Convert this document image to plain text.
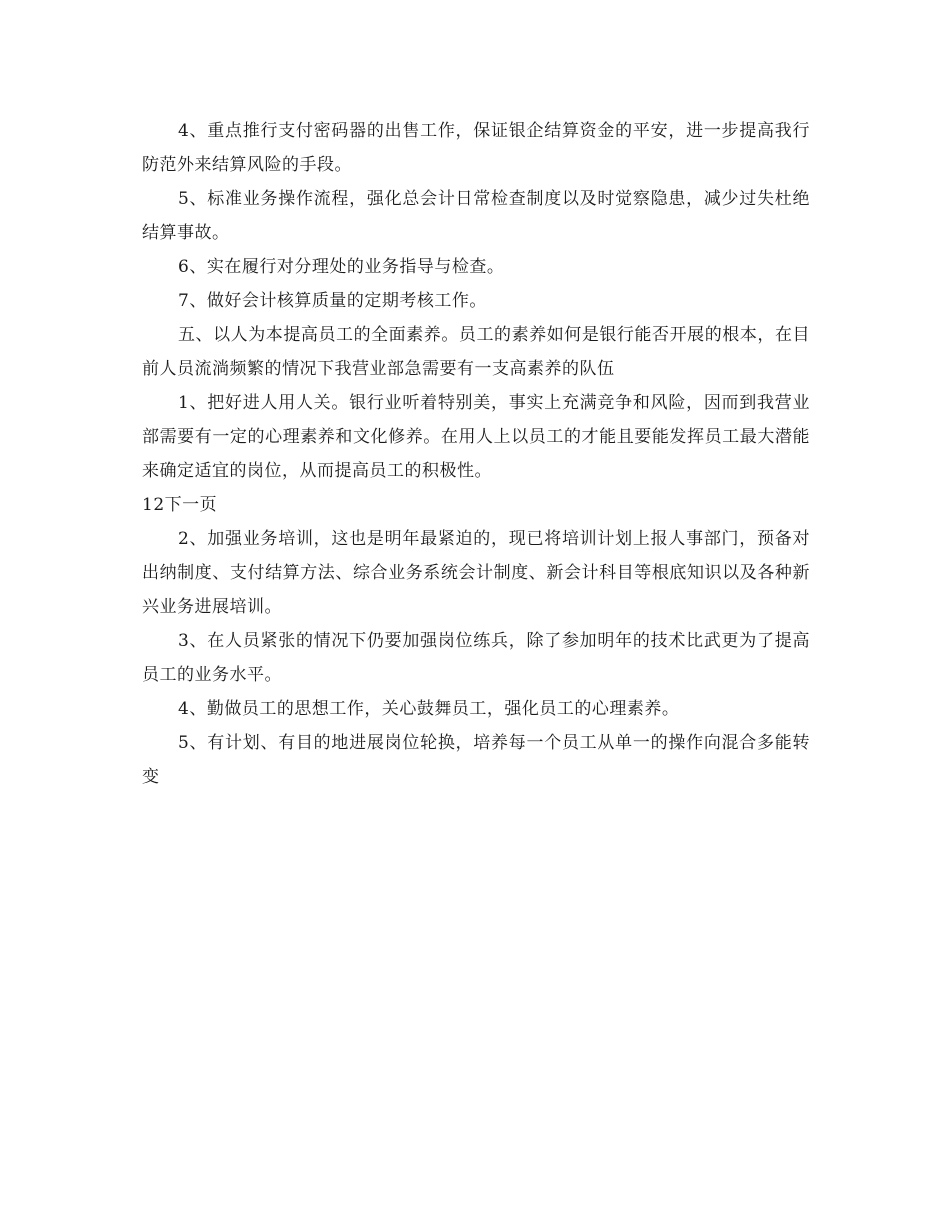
4、重点推行支付密码器的出售工作，保证银企结算资金的平安，进一步提高我行防范外来结算风险的手段。

5、标准业务操作流程，强化总会计日常检查制度以及时觉察隐患，减少过失杜绝结算事故。

6、实在履行对分理处的业务指导与检查。

7、做好会计核算质量的定期考核工作。

五、以人为本提高员工的全面素养。员工的素养如何是银行能否开展的根本，在目前人员流淌频繁的情况下我营业部急需要有一支高素养的队伍

1、把好进人用人关。银行业听着特别美，事实上充满竞争和风险，因而到我营业部需要有一定的心理素养和文化修养。在用人上以员工的才能且要能发挥员工最大潜能来确定适宜的岗位，从而提高员工的积极性。

12下一页

2、加强业务培训，这也是明年最紧迫的，现已将培训计划上报人事部门，预备对出纳制度、支付结算方法、综合业务系统会计制度、新会计科目等根底知识以及各种新兴业务进展培训。

3、在人员紧张的情况下仍要加强岗位练兵，除了参加明年的技术比武更为了提高员工的业务水平。

4、勤做员工的思想工作，关心鼓舞员工，强化员工的心理素养。

5、有计划、有目的地进展岗位轮换，培养每一个员工从单一的操作向混合多能转变
